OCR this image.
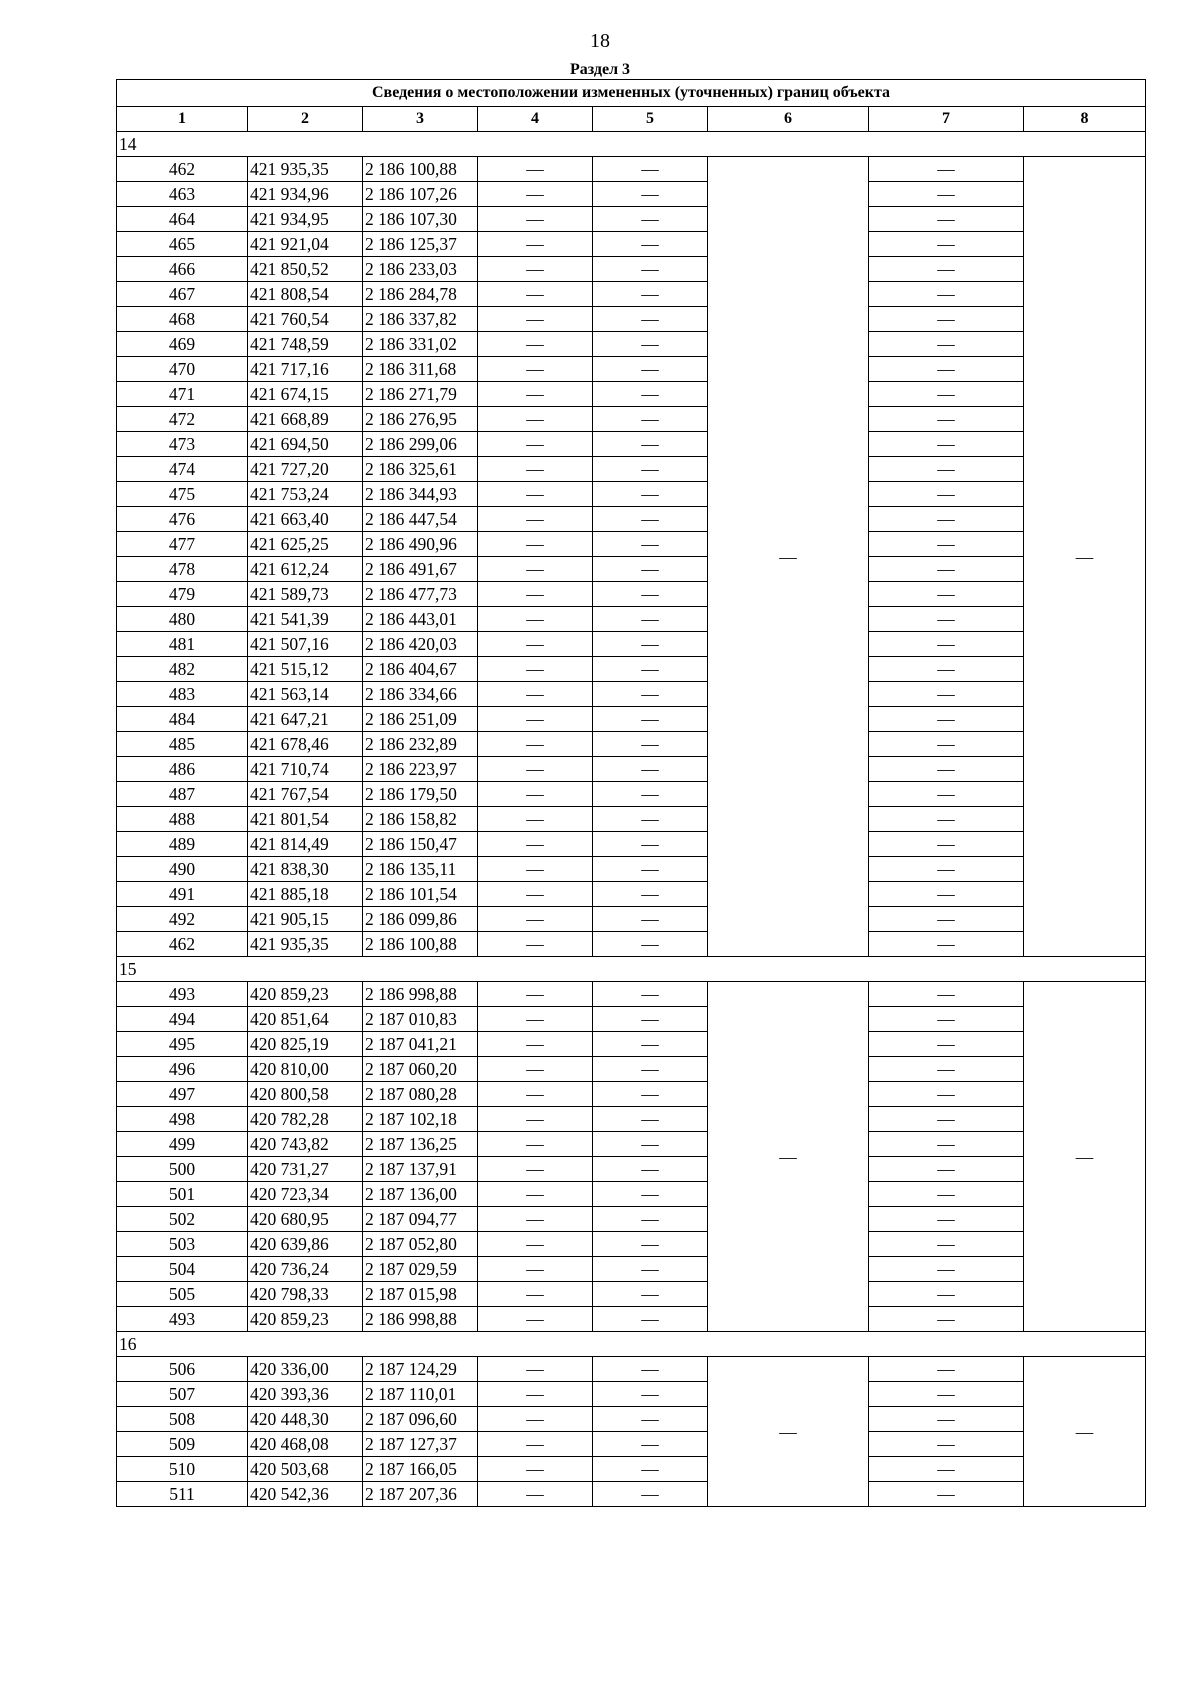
18
Раздел 3
Сведения о местоположении измененных (уточненных) границ объекта							
1	2	3	4	5	6	7	8
14							
462	421 935,35	2 186 100,88	—	—	—	—	—
463	421 934,96	2 186 107,26	—	—		—	
464	421 934,95	2 186 107,30	—	—		—	
465	421 921,04	2 186 125,37	—	—		—	
466	421 850,52	2 186 233,03	—	—		—	
467	421 808,54	2 186 284,78	—	—		—	
468	421 760,54	2 186 337,82	—	—		—	
469	421 748,59	2 186 331,02	—	—		—	
470	421 717,16	2 186 311,68	—	—		—	
471	421 674,15	2 186 271,79	—	—		—	
472	421 668,89	2 186 276,95	—	—		—	
473	421 694,50	2 186 299,06	—	—		—	
474	421 727,20	2 186 325,61	—	—		—	
475	421 753,24	2 186 344,93	—	—		—	
476	421 663,40	2 186 447,54	—	—		—	
477	421 625,25	2 186 490,96	—	—		—	
478	421 612,24	2 186 491,67	—	—		—	
479	421 589,73	2 186 477,73	—	—		—	
480	421 541,39	2 186 443,01	—	—		—	
481	421 507,16	2 186 420,03	—	—		—	
482	421 515,12	2 186 404,67	—	—		—	
483	421 563,14	2 186 334,66	—	—		—	
484	421 647,21	2 186 251,09	—	—		—	
485	421 678,46	2 186 232,89	—	—		—	
486	421 710,74	2 186 223,97	—	—		—	
487	421 767,54	2 186 179,50	—	—		—	
488	421 801,54	2 186 158,82	—	—		—	
489	421 814,49	2 186 150,47	—	—		—	
490	421 838,30	2 186 135,11	—	—		—	
491	421 885,18	2 186 101,54	—	—		—	
492	421 905,15	2 186 099,86	—	—		—	
462	421 935,35	2 186 100,88	—	—		—	
15							
493	420 859,23	2 186 998,88	—	—	—	—	—
494	420 851,64	2 187 010,83	—	—		—	
495	420 825,19	2 187 041,21	—	—		—	
496	420 810,00	2 187 060,20	—	—		—	
497	420 800,58	2 187 080,28	—	—		—	
498	420 782,28	2 187 102,18	—	—		—	
499	420 743,82	2 187 136,25	—	—		—	
500	420 731,27	2 187 137,91	—	—		—	
501	420 723,34	2 187 136,00	—	—		—	
502	420 680,95	2 187 094,77	—	—		—	
503	420 639,86	2 187 052,80	—	—		—	
504	420 736,24	2 187 029,59	—	—		—	
505	420 798,33	2 187 015,98	—	—		—	
493	420 859,23	2 186 998,88	—	—		—	
16							
506	420 336,00	2 187 124,29	—	—	—	—	—
507	420 393,36	2 187 110,01	—	—		—	
508	420 448,30	2 187 096,60	—	—		—	
509	420 468,08	2 187 127,37	—	—		—	
510	420 503,68	2 187 166,05	—	—		—	
511	420 542,36	2 187 207,36	—	—		—	
